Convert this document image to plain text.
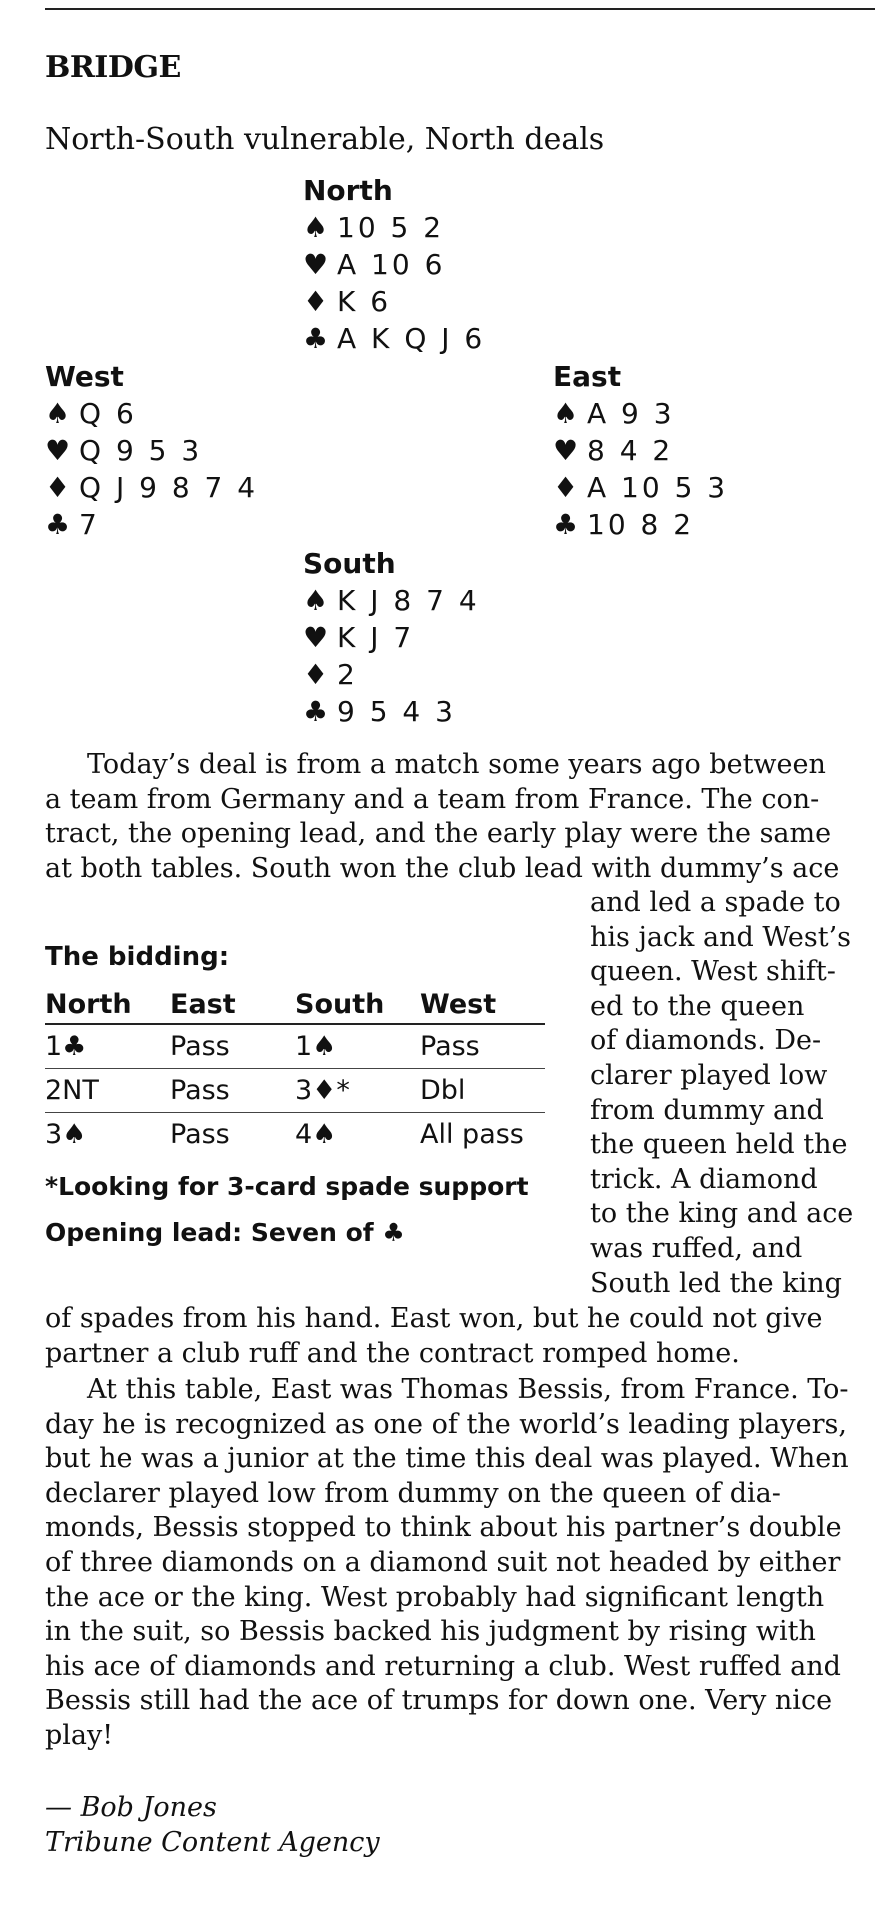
BRIDGE
North-South vulnerable, North deals
North
♠ 10 5 2
♥ A 10 6
♦ K 6
♣ A K Q J 6
West
♠ Q 6
♥ Q 9 5 3
♦ Q J 9 8 7 4
♣ 7
East
♠ A 9 3
♥ 8 4 2
♦ A 10 5 3
♣ 10 8 2
South
♠ K J 8 7 4
♥ K J 7
♦ 2
♣ 9 5 4 3
Today’s deal is from a match some years ago between
a team from Germany and a team from France. The con-
tract, the opening lead, and the early play were the same
at both tables. South won the club lead with dummy’s ace
and led a spade to
his jack and West’s
queen. West shift-
ed to the queen
of diamonds. De-
clarer played low
from dummy and
the queen held the
trick. A diamond
to the king and ace
was ruffed, and
South led the king
The bidding:
North	East	South	West
1♣	Pass	1♠	Pass
2NT	Pass	3♦*	Dbl
3♠	Pass	4♠	All pass
*Looking for 3-card spade support
Opening lead: Seven of ♣
of spades from his hand. East won, but he could not give
partner a club ruff and the contract romped home.
At this table, East was Thomas Bessis, from France. To-
day he is recognized as one of the world’s leading players,
but he was a junior at the time this deal was played. When
declarer played low from dummy on the queen of dia-
monds, Bessis stopped to think about his partner’s double
of three diamonds on a diamond suit not headed by either
the ace or the king. West probably had significant length
in the suit, so Bessis backed his judgment by rising with
his ace of diamonds and returning a club. West ruffed and
Bessis still had the ace of trumps for down one. Very nice
play!
— Bob Jones
Tribune Content Agency
